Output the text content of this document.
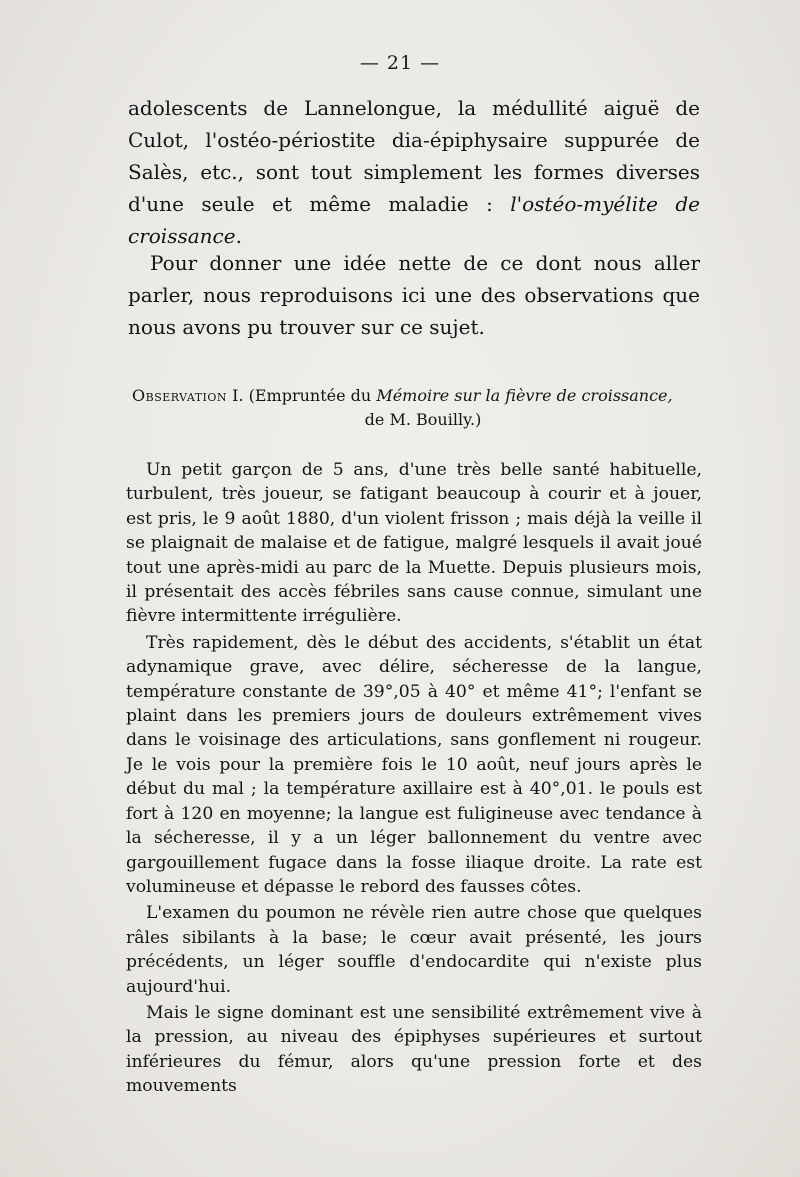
— 21 —

adolescents de Lannelongue, la médullité aiguë de Culot, l'ostéo-périostite dia-épiphysaire suppurée de Salès, etc., sont tout simplement les formes diverses d'une seule et même maladie : l'ostéo-myélite de croissance.

Pour donner une idée nette de ce dont nous aller parler, nous reproduisons ici une des observations que nous avons pu trouver sur ce sujet.

Observation I. (Empruntée du Mémoire sur la fièvre de croissance,
de M. Bouilly.)

Un petit garçon de 5 ans, d'une très belle santé habituelle, turbulent, très joueur, se fatigant beaucoup à courir et à jouer, est pris, le 9 août 1880, d'un violent frisson ; mais déjà la veille il se plaignait de malaise et de fatigue, malgré lesquels il avait joué tout une après-midi au parc de la Muette. Depuis plusieurs mois, il présentait des accès fébriles sans cause connue, simulant une fièvre intermittente irrégulière.

Très rapidement, dès le début des accidents, s'établit un état adynamique grave, avec délire, sécheresse de la langue, température constante de 39°,05 à 40° et même 41°; l'enfant se plaint dans les premiers jours de douleurs extrêmement vives dans le voisinage des articulations, sans gonflement ni rougeur. Je le vois pour la première fois le 10 août, neuf jours après le début du mal ; la température axillaire est à 40°,01. le pouls est fort à 120 en moyenne; la langue est fuligineuse avec tendance à la sécheresse, il y a un léger ballonnement du ventre avec gargouillement fugace dans la fosse iliaque droite. La rate est volumineuse et dépasse le rebord des fausses côtes.

L'examen du poumon ne révèle rien autre chose que quelques râles sibilants à la base; le cœur avait présenté, les jours précédents, un léger souffle d'endocardite qui n'existe plus aujourd'hui.

Mais le signe dominant est une sensibilité extrêmement vive à la pression, au niveau des épiphyses supérieures et surtout inférieures du fémur, alors qu'une pression forte et des mouvements
